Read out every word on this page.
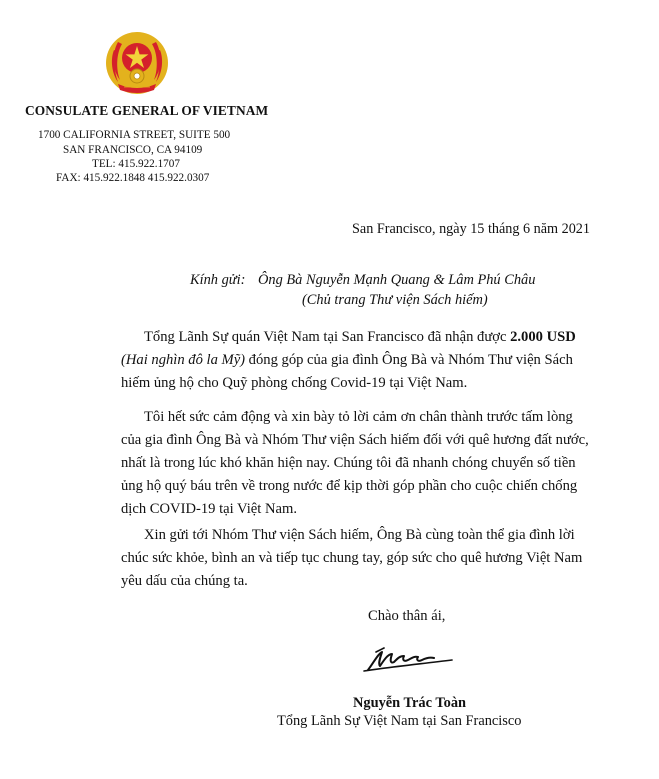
CONSULATE GENERAL OF VIETNAM
1700 CALIFORNIA STREET, SUITE 500
SAN FRANCISCO, CA 94109
TEL: 415.922.1707
FAX: 415.922.1848 415.922.0307
San Francisco, ngày 15 tháng 6 năm 2021
Kính gửi: Ông Bà Nguyễn Mạnh Quang & Lâm Phú Châu
(Chủ trang Thư viện Sách hiếm)
Tổng Lãnh Sự quán Việt Nam tại San Francisco đã nhận được 2.000 USD
(Hai nghìn đô la Mỹ) đóng góp của gia đình Ông Bà và Nhóm Thư viện Sách
hiếm ủng hộ cho Quỹ phòng chống Covid-19 tại Việt Nam.
Tôi hết sức cảm động và xin bày tỏ lời cảm ơn chân thành trước tấm lòng
của gia đình Ông Bà và Nhóm Thư viện Sách hiếm đối với quê hương đất nước,
nhất là trong lúc khó khăn hiện nay. Chúng tôi đã nhanh chóng chuyển số tiền
ủng hộ quý báu trên về trong nước để kịp thời góp phần cho cuộc chiến chống
dịch COVID-19 tại Việt Nam.
Xin gửi tới Nhóm Thư viện Sách hiếm, Ông Bà cùng toàn thể gia đình lời
chúc sức khỏe, bình an và tiếp tục chung tay, góp sức cho quê hương Việt Nam
yêu dấu của chúng ta.
Chào thân ái,
Nguyễn Trác Toàn
Tổng Lãnh Sự Việt Nam tại San Francisco
